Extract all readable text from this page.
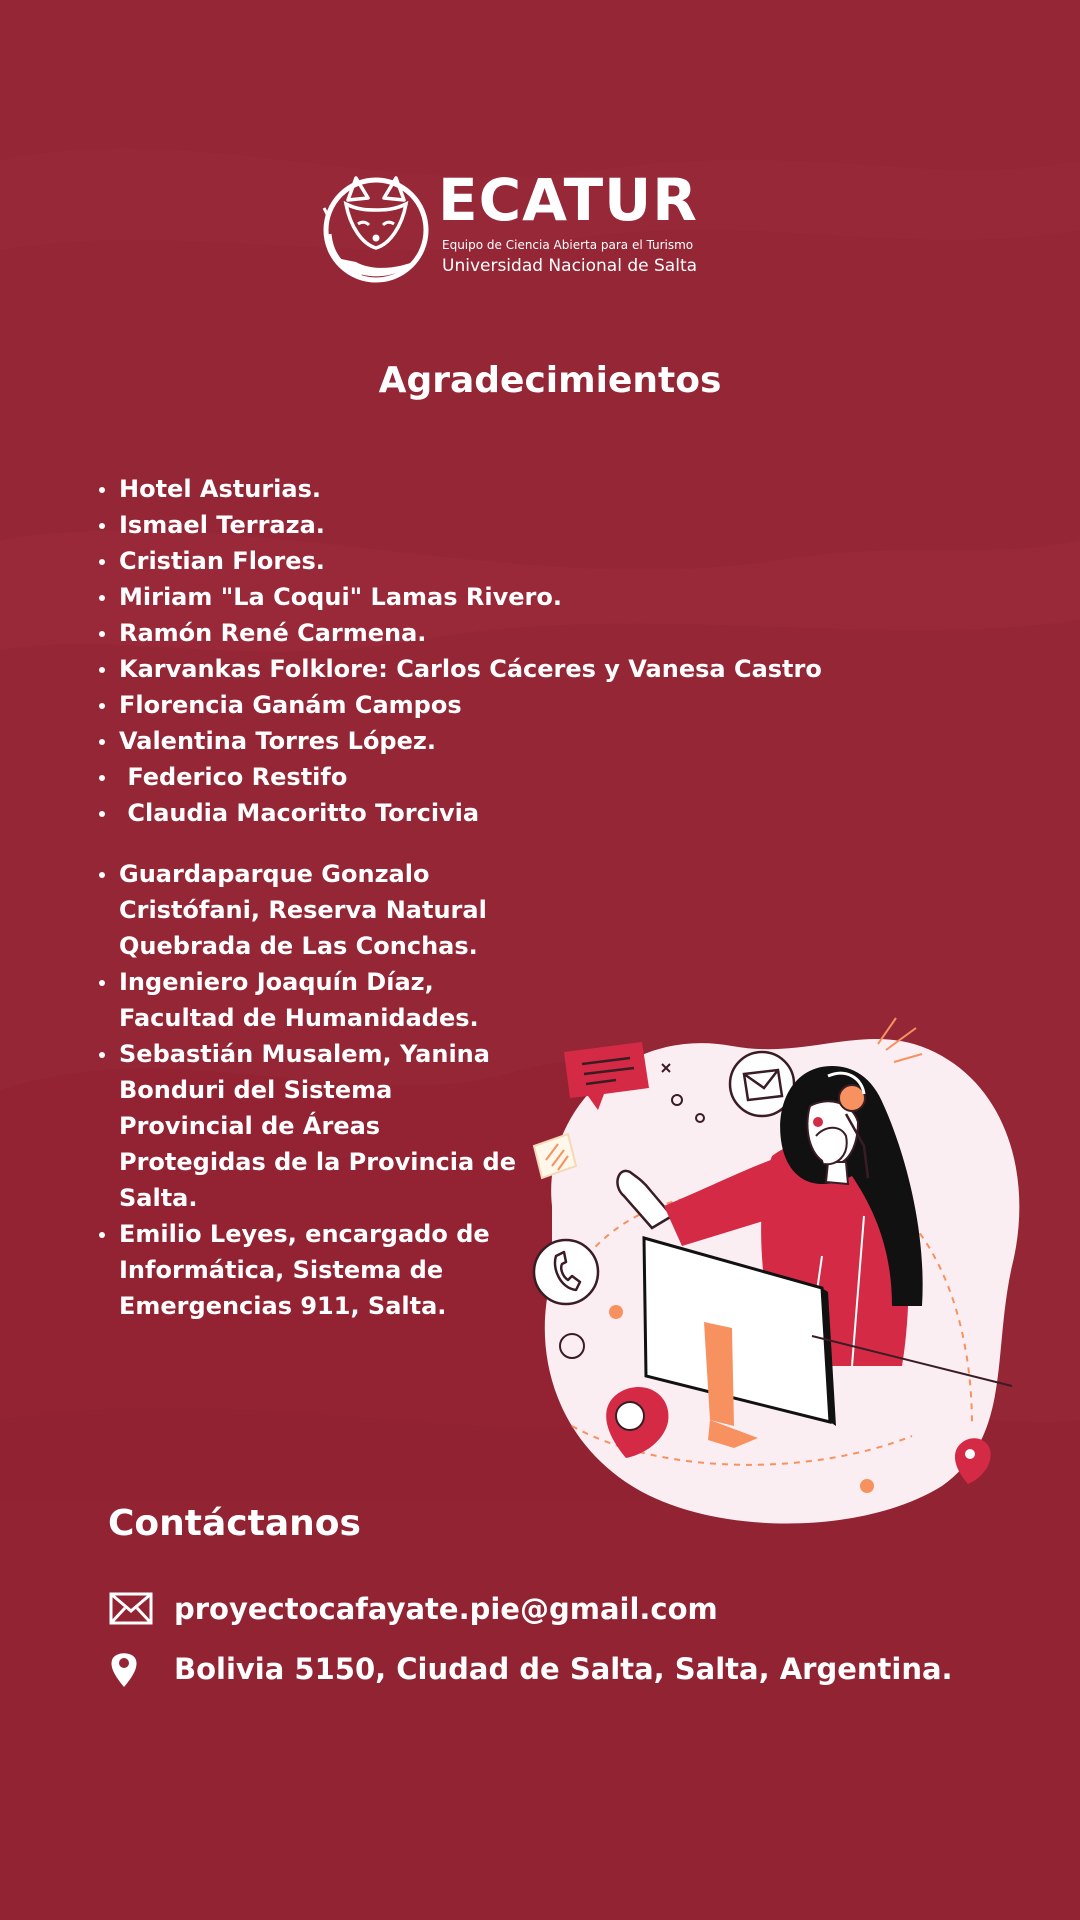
ECATUR
Equipo de Ciencia Abierta para el Turismo
Universidad Nacional de Salta
Agradecimientos
Hotel Asturias.
Ismael Terraza.
Cristian Flores.
Miriam "La Coqui" Lamas Rivero.
Ramón René Carmena.
Karvankas Folklore: Carlos Cáceres y Vanesa Castro
Florencia Ganám Campos
Valentina Torres López.
Federico Restifo
Claudia Macoritto Torcivia
Guardaparque Gonzalo Cristófani, Reserva Natural Quebrada de Las Conchas.
Ingeniero Joaquín Díaz, Facultad de Humanidades.
Sebastián Musalem, Yanina Bonduri del Sistema Provincial de Áreas Protegidas de la Provincia de Salta.
Emilio Leyes, encargado de Informática, Sistema de Emergencias 911, Salta.
Contáctanos
proyectocafayate.pie@gmail.com
Bolivia 5150, Ciudad de Salta, Salta, Argentina.
